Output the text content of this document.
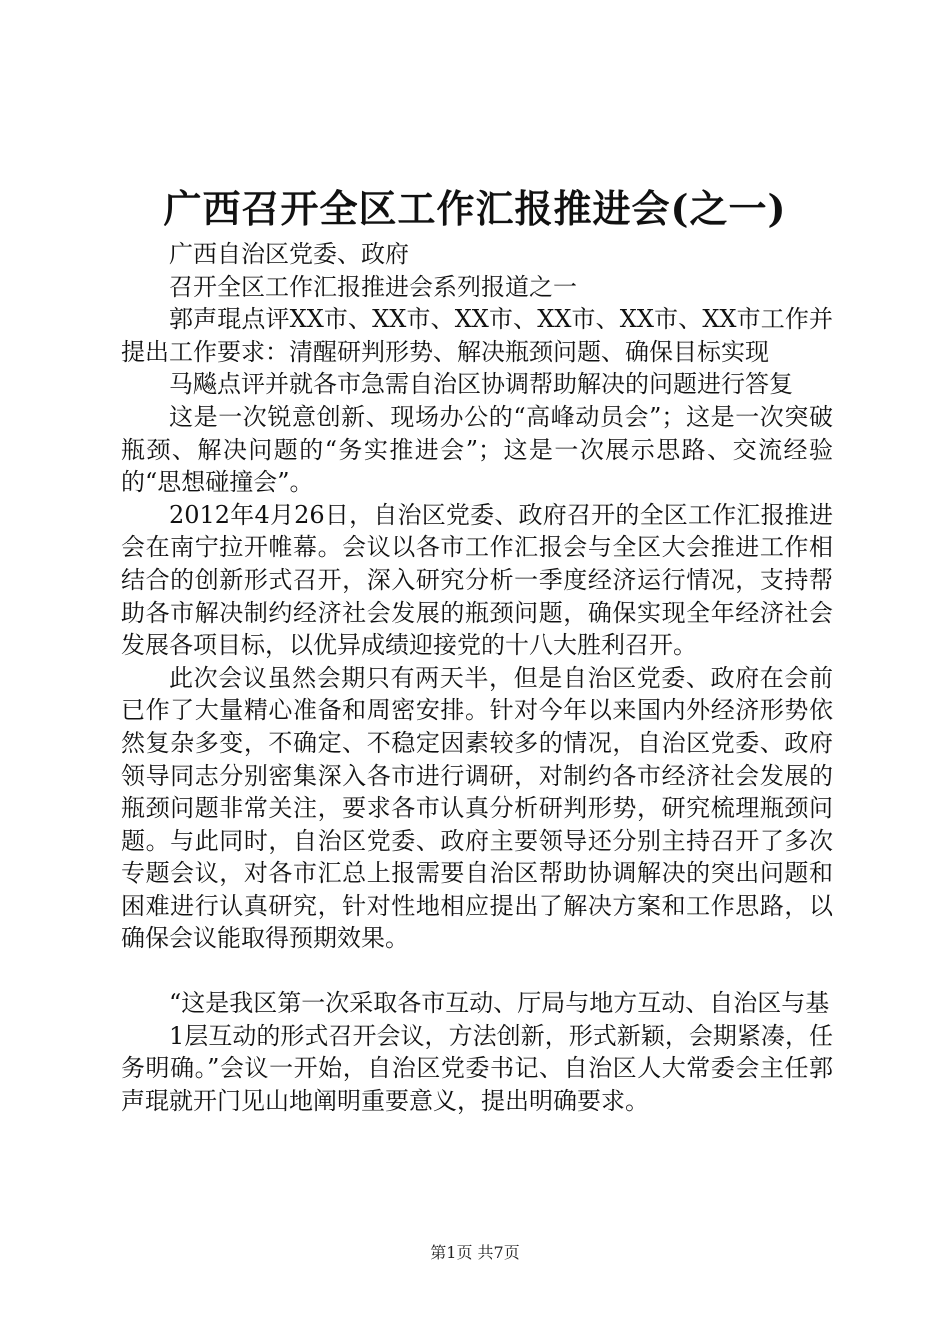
广西召开全区工作汇报推进会(之一)

广西自治区党委、政府

召开全区工作汇报推进会系列报道之一

郭声琨点评XX市、XX市、XX市、XX市、XX市、XX市工作并提出工作要求：清醒研判形势、解决瓶颈问题、确保目标实现

马飚点评并就各市急需自治区协调帮助解决的问题进行答复

这是一次锐意创新、现场办公的“高峰动员会”；这是一次突破瓶颈、解决问题的“务实推进会”；这是一次展示思路、交流经验的“思想碰撞会”。

2012年4月26日，自治区党委、政府召开的全区工作汇报推进会在南宁拉开帷幕。会议以各市工作汇报会与全区大会推进工作相结合的创新形式召开，深入研究分析一季度经济运行情况，支持帮助各市解决制约经济社会发展的瓶颈问题，确保实现全年经济社会发展各项目标，以优异成绩迎接党的十八大胜利召开。

此次会议虽然会期只有两天半，但是自治区党委、政府在会前已作了大量精心准备和周密安排。针对今年以来国内外经济形势依然复杂多变，不确定、不稳定因素较多的情况，自治区党委、政府领导同志分别密集深入各市进行调研，对制约各市经济社会发展的瓶颈问题非常关注，要求各市认真分析研判形势，研究梳理瓶颈问题。与此同时，自治区党委、政府主要领导还分别主持召开了多次专题会议，对各市汇总上报需要自治区帮助协调解决的突出问题和困难进行认真研究，针对性地相应提出了解决方案和工作思路，以确保会议能取得预期效果。

“这是我区第一次采取各市互动、厅局与地方互动、自治区与基

1层互动的形式召开会议，方法创新，形式新颖，会期紧凑，任务明确。”会议一开始，自治区党委书记、自治区人大常委会主任郭声琨就开门见山地阐明重要意义，提出明确要求。

第1页 共7页
